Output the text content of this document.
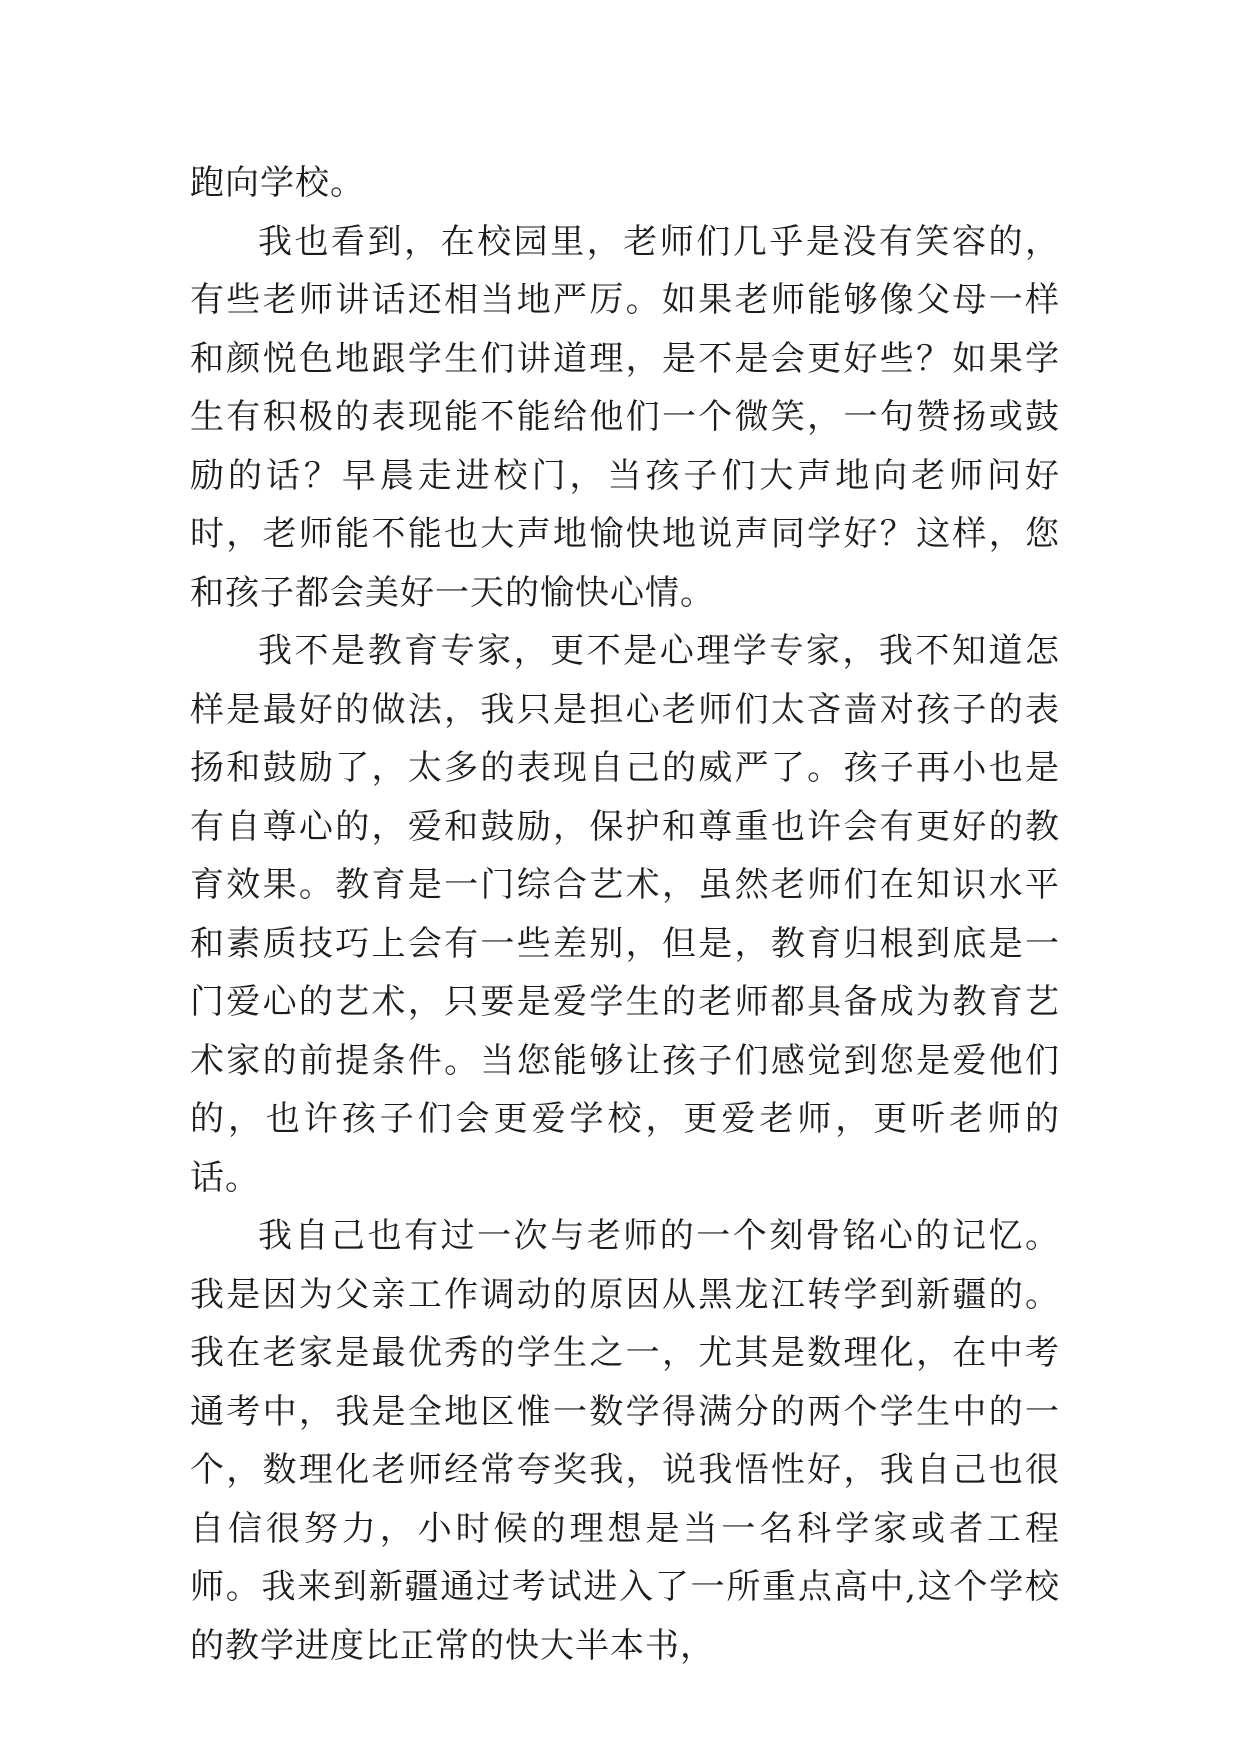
跑向学校。

我也看到，在校园里，老师们几乎是没有笑容的，有些老师讲话还相当地严厉。如果老师能够像父母一样和颜悦色地跟学生们讲道理，是不是会更好些？如果学生有积极的表现能不能给他们一个微笑，一句赞扬或鼓励的话？早晨走进校门，当孩子们大声地向老师问好时，老师能不能也大声地愉快地说声同学好？这样，您和孩子都会美好一天的愉快心情。

我不是教育专家，更不是心理学专家，我不知道怎样是最好的做法，我只是担心老师们太吝啬对孩子的表扬和鼓励了，太多的表现自己的威严了。孩子再小也是有自尊心的，爱和鼓励，保护和尊重也许会有更好的教育效果。教育是一门综合艺术，虽然老师们在知识水平和素质技巧上会有一些差别，但是，教育归根到底是一门爱心的艺术，只要是爱学生的老师都具备成为教育艺术家的前提条件。当您能够让孩子们感觉到您是爱他们的，也许孩子们会更爱学校，更爱老师，更听老师的话。

我自己也有过一次与老师的一个刻骨铭心的记忆。我是因为父亲工作调动的原因从黑龙江转学到新疆的。我在老家是最优秀的学生之一，尤其是数理化，在中考通考中，我是全地区惟一数学得满分的两个学生中的一个，数理化老师经常夸奖我，说我悟性好，我自己也很自信很努力，小时候的理想是当一名科学家或者工程师。我来到新疆通过考试进入了一所重点高中,这个学校的教学进度比正常的快大半本书，
